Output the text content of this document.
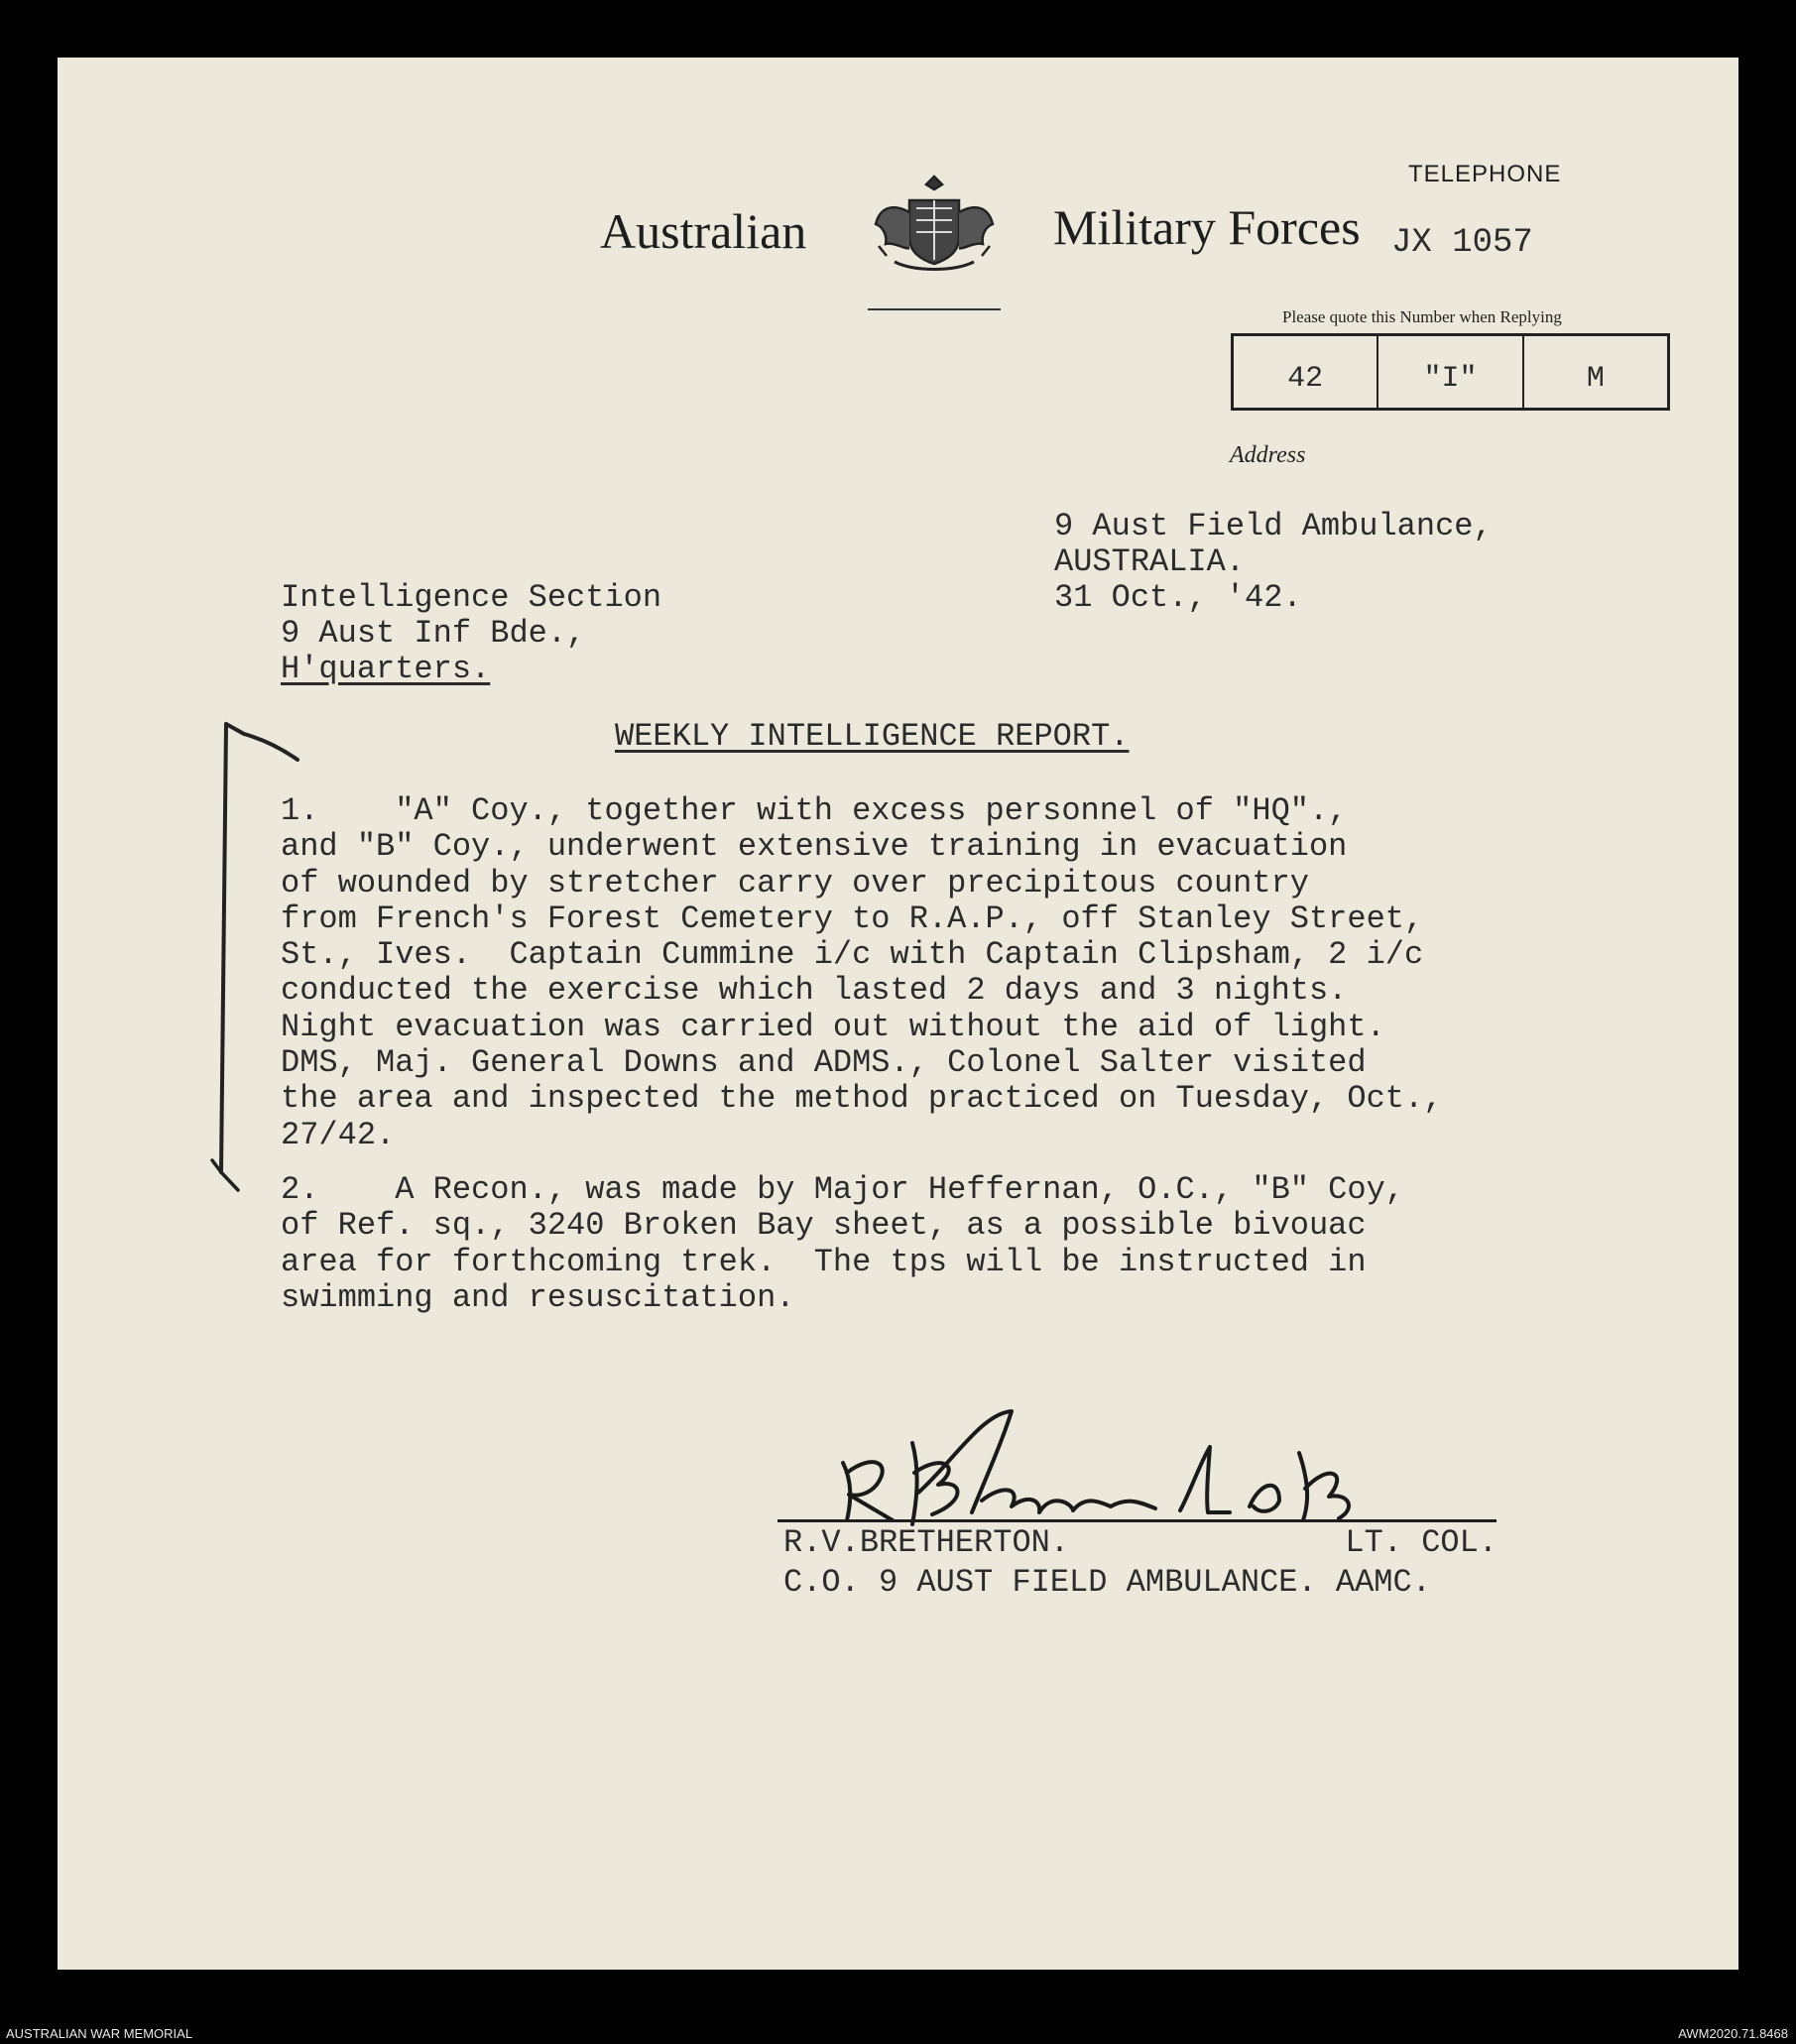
Australian	Military Forces
TELEPHONE
JX 1057
Please quote this Number when Replying
42	"I"	M
Address
9 Aust Field Ambulance,
AUSTRALIA.
31 Oct., '42.
Intelligence Section
9 Aust Inf Bde.,
H'quarters.
WEEKLY INTELLIGENCE REPORT.
1.    "A" Coy., together with excess personnel of "HQ".,
and "B" Coy., underwent extensive training in evacuation
of wounded by stretcher carry over precipitous country
from French's Forest Cemetery to R.A.P., off Stanley Street,
St., Ives.  Captain Cummine i/c with Captain Clipsham, 2 i/c
conducted the exercise which lasted 2 days and 3 nights.
Night evacuation was carried out without the aid of light.
DMS, Maj. General Downs and ADMS., Colonel Salter visited
the area and inspected the method practiced on Tuesday, Oct.,
27/42.
2.    A Recon., was made by Major Heffernan, O.C., "B" Coy,
of Ref. sq., 3240 Broken Bay sheet, as a possible bivouac
area for forthcoming trek.  The tps will be instructed in
swimming and resuscitation.
R.V.BRETHERTON.	LT. COL.
C.O. 9 AUST FIELD AMBULANCE. AAMC.
AUSTRALIAN WAR MEMORIAL	AWM2020.71.8468
